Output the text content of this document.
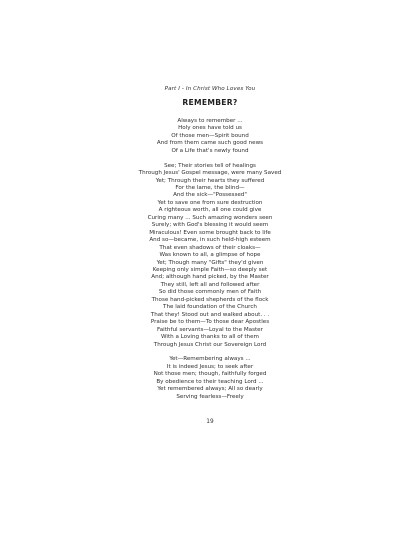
Part I - In Christ Who Loves You
REMEMBER?
Always to remember ...
Holy ones have told us
Of those men—Spirit bound
And from them came such good news
Of a Life that's newly found
See; Their stories tell of healings
Through Jesus' Gospel message, were many Saved
Yet; Through their hearts they suffered
For the lame, the blind—
And the sick—"Possessed"
Yet to save one from sure destruction
A righteous worth, all one could give
Curing many ... Such amazing wonders seen
Surely; with God's blessing it would seem
Miraculous! Even some brought back to life
And so—became, in such held-high esteem
That even shadows of their cloaks—
Was known to all, a glimpse of hope
Yet; Though many "Gifts" they'd given
Keeping only simple Faith—so deeply set
And; although hand picked, by the Master
They still, left all and followed after
So did those commonly men of Faith
Those hand-picked shepherds of the flock
The laid foundation of the Church
That they! Stood out and walked about. . .
Praise be to them—To those dear Apostles
Faithful servants—Loyal to the Master
With a Loving thanks to all of them
Through Jesus Christ our Sovereign Lord
Yet—Remembering always ...
It is indeed Jesus; to seek after
Not those men; though, faithfully forged
By obedience to their teaching Lord ...
Yet remembered always; All so dearly
Serving fearless—Freely
19
